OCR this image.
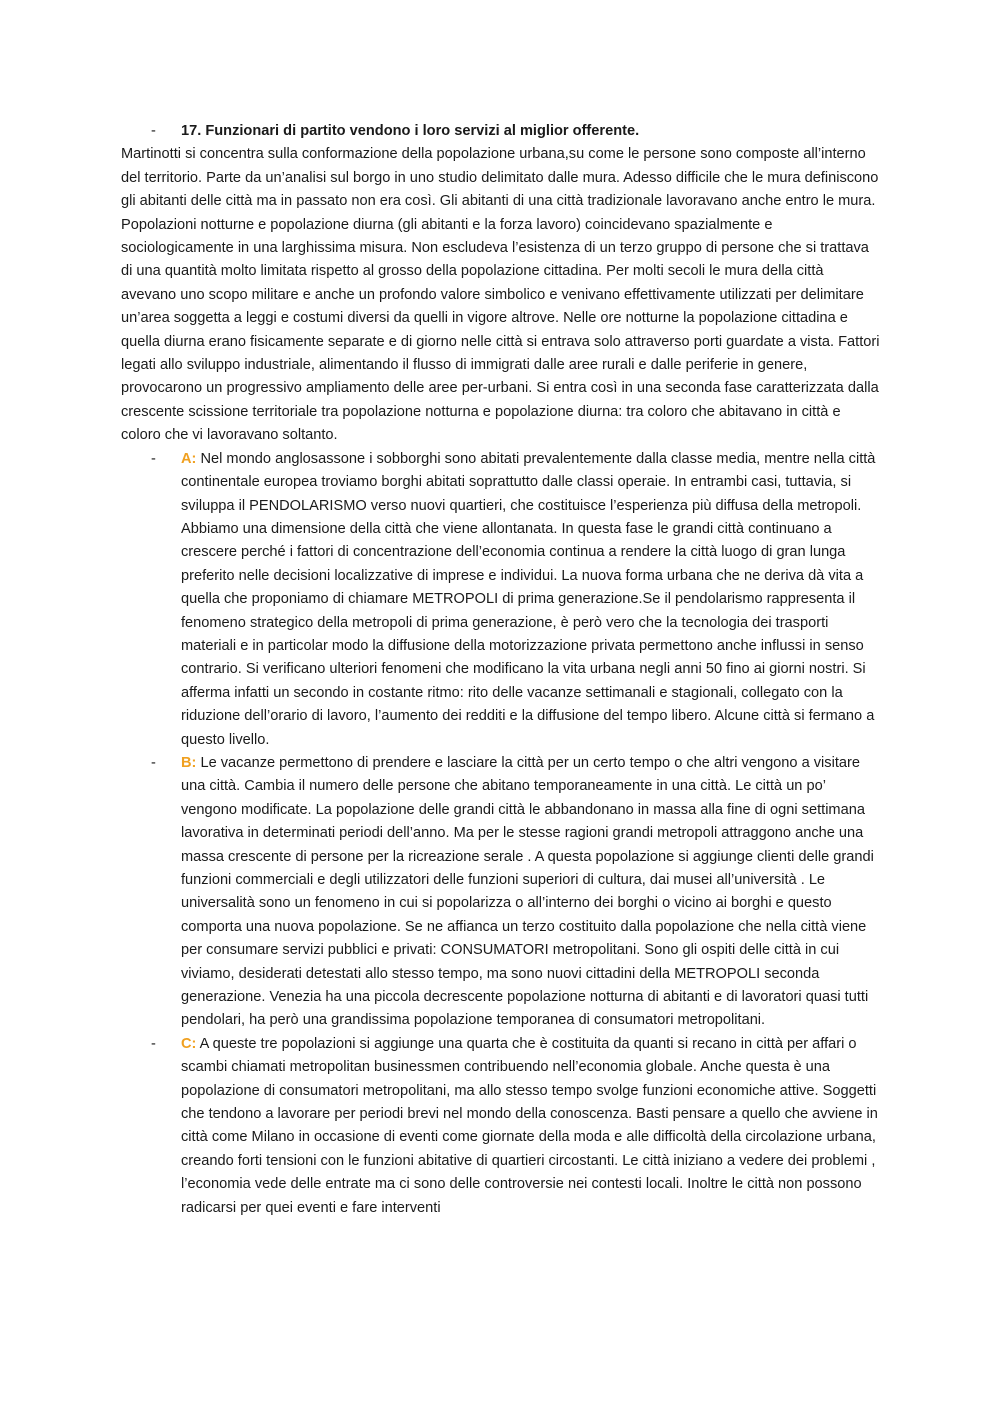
- 17. Funzionari di partito vendono i loro servizi al miglior offerente.

Martinotti si concentra sulla conformazione della popolazione urbana,su come le persone sono composte all’interno del territorio. Parte da un’analisi sul borgo in uno studio delimitato dalle mura. Adesso difficile che le mura definiscono gli abitanti delle città ma in passato non era così. Gli abitanti di una città tradizionale lavoravano anche entro le mura. Popolazioni notturne e popolazione diurna (gli abitanti e la forza lavoro) coincidevano spazialmente e sociologicamente in una larghissima misura. Non escludeva l’esistenza di un terzo gruppo di persone che si trattava di una quantità molto limitata rispetto al grosso della popolazione cittadina. Per molti secoli le mura della città avevano uno scopo militare e anche un profondo valore simbolico e venivano effettivamente utilizzati per delimitare un’area soggetta a leggi e costumi diversi da quelli in vigore altrove. Nelle ore notturne la popolazione cittadina e quella diurna erano fisicamente separate e di giorno nelle città si entrava solo attraverso porti guardate a vista. Fattori legati allo sviluppo industriale, alimentando il flusso di immigrati dalle aree rurali e dalle periferie in genere, provocarono un progressivo ampliamento delle aree per-urbani. Si entra così in una seconda fase caratterizzata dalla crescente scissione territoriale tra popolazione notturna e popolazione diurna: tra coloro che abitavano in città e coloro che vi lavoravano soltanto.

- A: Nel mondo anglosassone i sobborghi sono abitati prevalentemente dalla classe media, mentre nella città continentale europea troviamo borghi abitati soprattutto dalle classi operaie. In entrambi casi, tuttavia, si sviluppa il PENDOLARISMO verso nuovi quartieri, che costituisce l’esperienza più diffusa della metropoli. Abbiamo una dimensione della città che viene allontanata. In questa fase le grandi città continuano a crescere perché i fattori di concentrazione dell’economia continua a rendere la città luogo di gran lunga preferito nelle decisioni localizzative di imprese e individui. La nuova forma urbana che ne deriva dà vita a quella che proponiamo di chiamare METROPOLI di prima generazione.Se il pendolarismo rappresenta il fenomeno strategico della metropoli di prima generazione, è però vero che la tecnologia dei trasporti materiali e in particolar modo la diffusione della motorizzazione privata permettono anche influssi in senso contrario. Si verificano ulteriori fenomeni che modificano la vita urbana negli anni 50 fino ai giorni nostri. Si afferma infatti un secondo in costante ritmo: rito delle vacanze settimanali e stagionali, collegato con la riduzione dell’orario di lavoro, l’aumento dei redditi e la diffusione del tempo libero. Alcune città si fermano a questo livello.
- B: Le vacanze permettono di prendere e lasciare la città per un certo tempo o che altri vengono a visitare una città. Cambia il numero delle persone che abitano temporaneamente in una città. Le città un po’ vengono modificate. La popolazione delle grandi città le abbandonano in massa alla fine di ogni settimana lavorativa in determinati periodi dell’anno. Ma per le stesse ragioni grandi metropoli attraggono anche una massa crescente di persone per la ricreazione serale . A questa popolazione si aggiunge clienti delle grandi funzioni commerciali e degli utilizzatori delle funzioni superiori di cultura, dai musei all’università . Le universalità sono un fenomeno in cui si popolarizza o all’interno dei borghi o vicino ai borghi e questo comporta una nuova popolazione. Se ne affianca un terzo costituito dalla popolazione che nella città viene per consumare servizi pubblici e privati: CONSUMATORI metropolitani. Sono gli ospiti delle città in cui viviamo, desiderati detestati allo stesso tempo, ma sono nuovi cittadini della METROPOLI seconda generazione. Venezia ha una piccola decrescente popolazione notturna di abitanti e di lavoratori quasi tutti pendolari, ha però una grandissima popolazione temporanea di consumatori metropolitani.
- C: A queste tre popolazioni si aggiunge una quarta che è costituita da quanti si recano in città per affari o scambi chiamati metropolitan businessmen contribuendo nell’economia globale. Anche questa è una popolazione di consumatori metropolitani, ma allo stesso tempo svolge funzioni economiche attive. Soggetti che tendono a lavorare per periodi brevi nel mondo della conoscenza. Basti pensare a quello che avviene in città come Milano in occasione di eventi come giornate della moda e alle difficoltà della circolazione urbana, creando forti tensioni con le funzioni abitative di quartieri circostanti. Le città iniziano a vedere dei problemi , l’economia vede delle entrate ma ci sono delle controversie nei contesti locali. Inoltre le città non possono radicarsi per quei eventi e fare interventi
